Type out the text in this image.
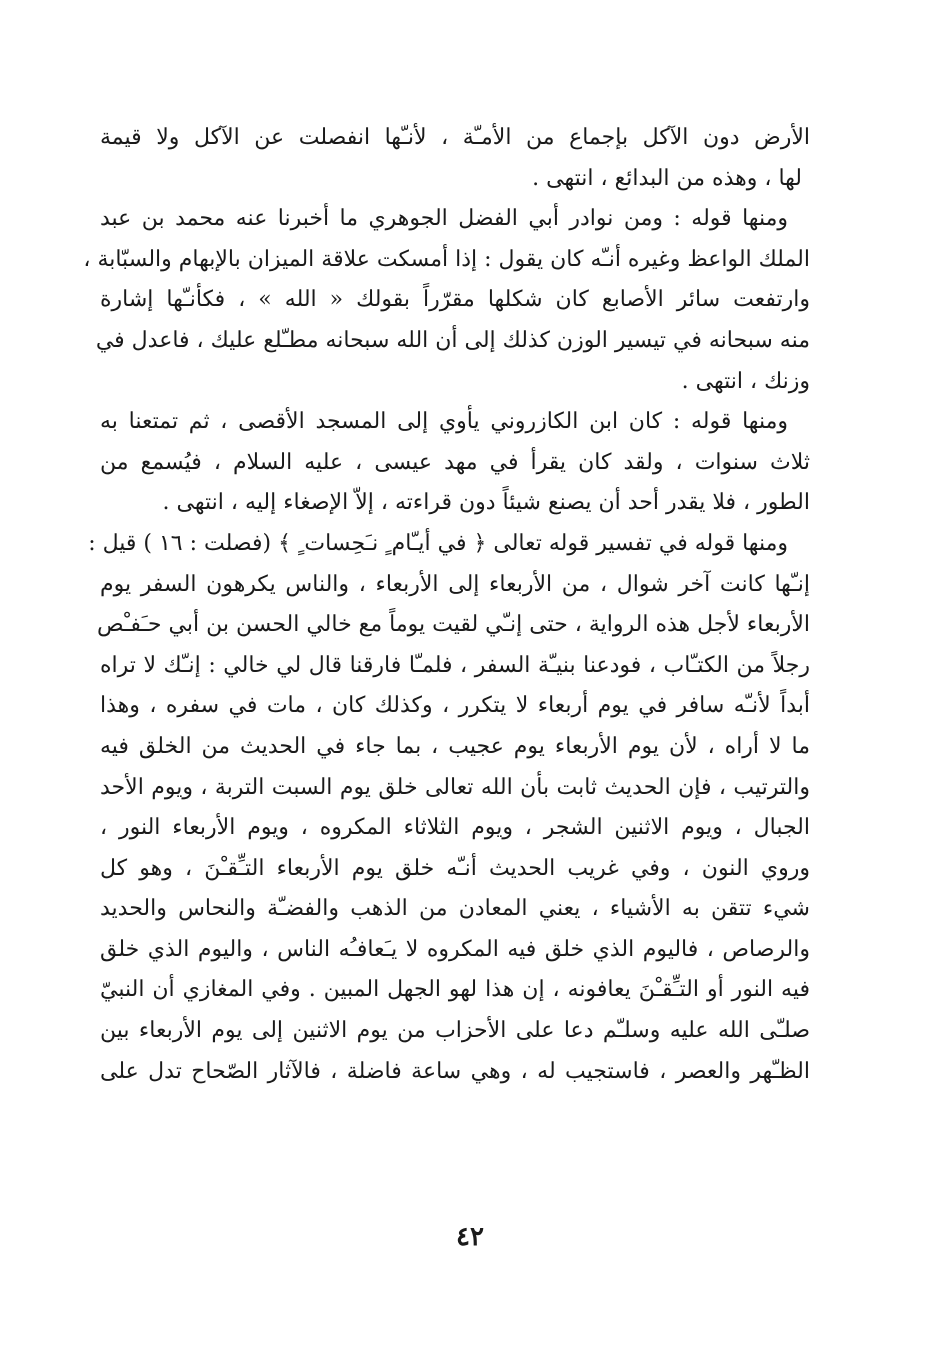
الأرض دون الآكل بإجماع من الأمـّة ، لأنـّها انفصلت عن الآكل ولا قيمة
لها ، وهذه من البدائع ، انتهى .
ومنها قوله : ومن نوادر أبي الفضل الجوهري ما أخبرنا عنه محمد بن عبد
الملك الواعظ وغيره أنـّه كان يقول : إذا أمسكت علاقة الميزان بالإبهام والسبّابة ،
وارتفعت سائر الأصابع كان شكلها مقرّراً بقولك « الله » ، فكأنـّها إشارة
منه سبحانه في تيسير الوزن كذلك إلى أن الله سبحانه مطـّلع عليك ، فاعدل في
وزنك ، انتهى .
ومنها قوله : كان ابن الكازروني يأوي إلى المسجد الأقصى ، ثم تمتعنا به
ثلاث سنوات ، ولقد كان يقرأ في مهد عيسى ، عليه السلام ، فيُسمع من
الطور ، فلا يقدر أحد أن يصنع شيئاً دون قراءته ، إلاّ الإصغاء إليه ، انتهى .
ومنها قوله في تفسير قوله تعالى ﴿ في أيـّام ٍ نـَحِسات ٍ ﴾ (فصلت : ١٦ ) قيل :
إنـّها كانت آخر شوال ، من الأربعاء إلى الأربعاء ، والناس يكرهون السفر يوم
الأربعاء لأجل هذه الرواية ، حتى إنـّي لقيت يوماً مع خالي الحسن بن أبي حـَفـْص
رجلاً من الكتـّاب ، فودعنا بنيـّة السفر ، فلمـّا فارقنا قال لي خالي : إنـّك لا تراه
أبداً لأنـّه سافر في يوم أربعاء لا يتكرر ، وكذلك كان ، مات في سفره ، وهذا
ما لا أراه ، لأن يوم الأربعاء يوم عجيب ، بما جاء في الحديث من الخلق فيه
والترتيب ، فإن الحديث ثابت بأن الله تعالى خلق يوم السبت التربة ، ويوم الأحد
الجبال ، ويوم الاثنين الشجر ، ويوم الثلاثاء المكروه ، ويوم الأربعاء النور ،
وروي النون ، وفي غريب الحديث أنـّه خلق يوم الأربعاء التـِّقـْنَ ، وهو كل
شيء تتقن به الأشياء ، يعني المعادن من الذهب والفضـّة والنحاس والحديد
والرصاص ، فاليوم الذي خلق فيه المكروه لا يـَعافـُه الناس ، واليوم الذي خلق
فيه النور أو التـِّقـْنَ يعافونه ، إن هذا لهو الجهل المبين . وفي المغازي أن النبيّ
صلـّى الله عليه وسلـّم دعا على الأحزاب من يوم الاثنين إلى يوم الأربعاء بين
الظـّهر والعصر ، فاستجيب له ، وهي ساعة فاضلة ، فالآثار الصّحاح تدل على
٤٢
